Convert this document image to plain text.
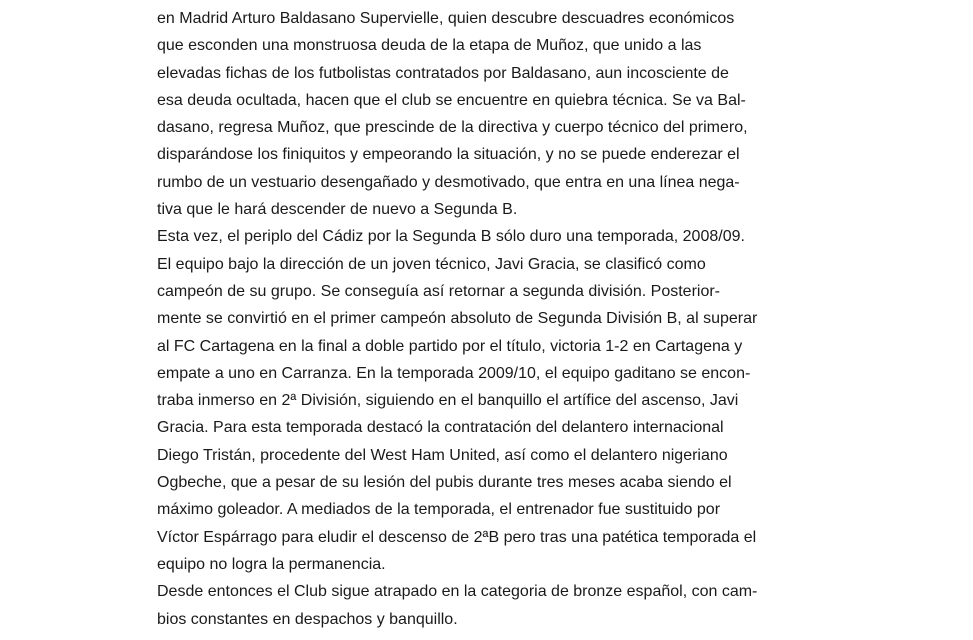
en Madrid Arturo Baldasano Supervielle, quien descubre descuadres económicos
que esconden una monstruosa deuda de la etapa de Muñoz, que unido a las
elevadas fichas de los futbolistas contratados por Baldasano, aun incosciente de
esa deuda ocultada, hacen que el club se encuentre en quiebra técnica. Se va Bal-
dasano, regresa Muñoz, que prescinde de la directiva y cuerpo técnico del primero,
disparándose los finiquitos y empeorando la situación, y no se puede enderezar el
rumbo de un vestuario desengañado y desmotivado, que entra en una línea nega-
tiva que le hará descender de nuevo a Segunda B.
Esta vez, el periplo del Cádiz por la Segunda B sólo duro una temporada, 2008/09.
El equipo bajo la dirección de un joven técnico, Javi Gracia, se clasificó como
campeón de su grupo. Se conseguía así retornar a segunda división. Posterior-
mente se convirtió en el primer campeón absoluto de Segunda División B, al superar
al FC Cartagena en la final a doble partido por el título, victoria 1-2 en Cartagena y
empate a uno en Carranza. En la temporada 2009/10, el equipo gaditano se encon-
traba inmerso en 2ª División, siguiendo en el banquillo el artífice del ascenso, Javi
Gracia. Para esta temporada destacó la contratación del delantero internacional
Diego Tristán, procedente del West Ham United, así como el delantero nigeriano
Ogbeche, que a pesar de su lesión del pubis durante tres meses acaba siendo el
máximo goleador. A mediados de la temporada, el entrenador fue sustituido por
Víctor Espárrago para eludir el descenso de 2ªB pero tras una patética temporada el
equipo no logra la permanencia.
Desde entonces el Club sigue atrapado en la categoria de bronze español, con cam-
bios constantes en despachos y banquillo.
